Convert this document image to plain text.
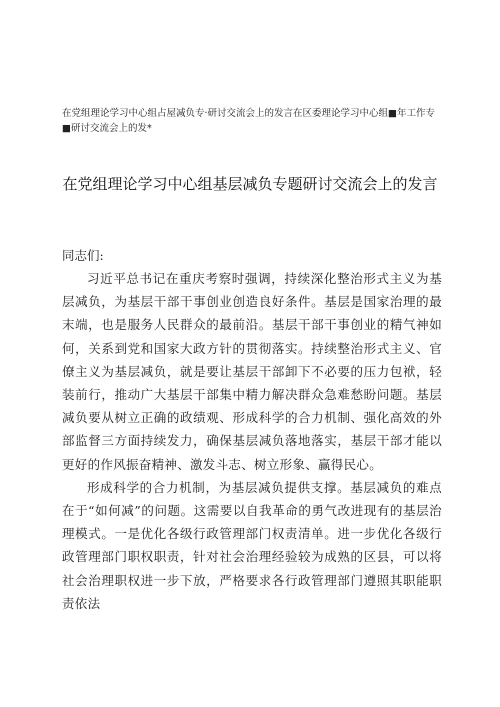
在党组理论学习中心组占屋减负专·研讨交流会上的发言在区委理论学习中心组■年工作专■研讨交流会上的发*
在党组理论学习中心组基层减负专题研讨交流会上的发言
同志们:

习近平总书记在重庆考察时强调，持续深化整治形式主义为基层减负，为基层干部干事创业创造良好条件。基层是国家治理的最末端，也是服务人民群众的最前沿。基层干部干事创业的精气神如何，关系到党和国家大政方针的贯彻落实。持续整治形式主义、官僚主义为基层减负，就是要让基层干部卸下不必要的压力包袱，轻装前行，推动广大基层干部集中精力解决群众急难愁盼问题。基层减负要从树立正确的政绩观、形成科学的合力机制、强化高效的外部监督三方面持续发力，确保基层减负落地落实，基层干部才能以更好的作风振奋精神、激发斗志、树立形象、赢得民心。

形成科学的合力机制，为基层减负提供支撑。基层减负的难点在于“如何减”的问题。这需要以自我革命的勇气改进现有的基层治理模式。一是优化各级行政管理部门权责清单。进一步优化各级行政管理部门职权职责，针对社会治理经验较为成熟的区县，可以将社会治理职权进一步下放，严格要求各行政管理部门遵照其职能职责依法
